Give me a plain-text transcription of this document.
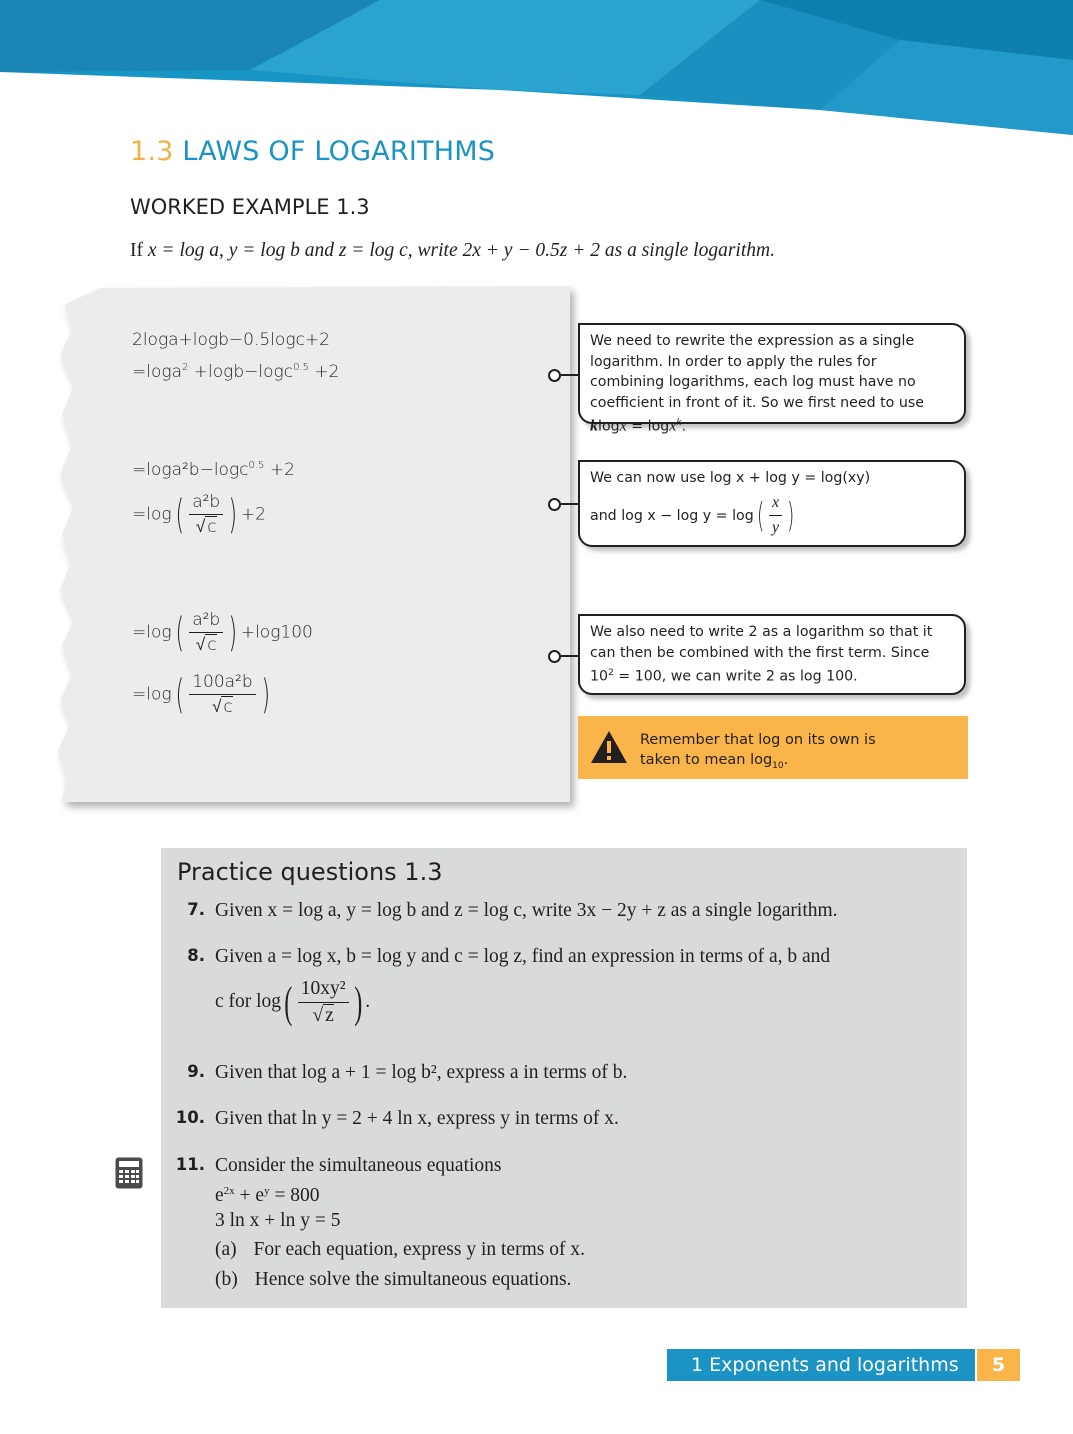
1.3 LAWS OF LOGARITHMS
WORKED EXAMPLE 1.3
If x = log a, y = log b and z = log c, write 2x + y − 0.5z + 2 as a single logarithm.
2loga+logb−0.5logc+2
=loga$^2$ +logb−logc$^{0.5}$ +2
=loga²b−logc$^{0.5}$ +2
$=\log( \frac{\text{a²b}}{√ c}$ ) +2
$=\log( \frac{\text{a²b}}{√ c}$ ) +log100
$=\log( \frac{\text{100a²b}}{√ c}$ )
We need to rewrite the expression as a single logarithm. In order to apply the rules for combining logarithms, each log must have no coefficient in front of it. So we first need to use klogx = logx$^k$.
We can now use log x + log y = log(xy)
and $\log x - \log y = \log( \frac{x}{y}$ )
We also need to write 2 as a logarithm so that it can then be combined with the first term. Since $10^2 = 100$, we can write 2 as log 100.
Remember that log on its own is
taken to mean $\log_{10}$.
Practice questions 1.3
7. Given x = log a, y = log b and z = log c, write 3x − 2y + z as a single logarithm.
8. Given a = log x, b = log y and c = log z, find an expression in terms of a, b and
c for $\log( \frac{\text{10xy²}}{√ z}$ ) .
9. Given that log a + 1 = log b², express a in terms of b.
10. Given that ln y = 2 + 4 ln x, express y in terms of x.
11. Consider the simultaneous equations
$e^{2x} + e^y = 800$
3 ln x + ln y = 5
(a) For each equation, express y in terms of x.
(b) Hence solve the simultaneous equations.
1 Exponents and logarithms	5
